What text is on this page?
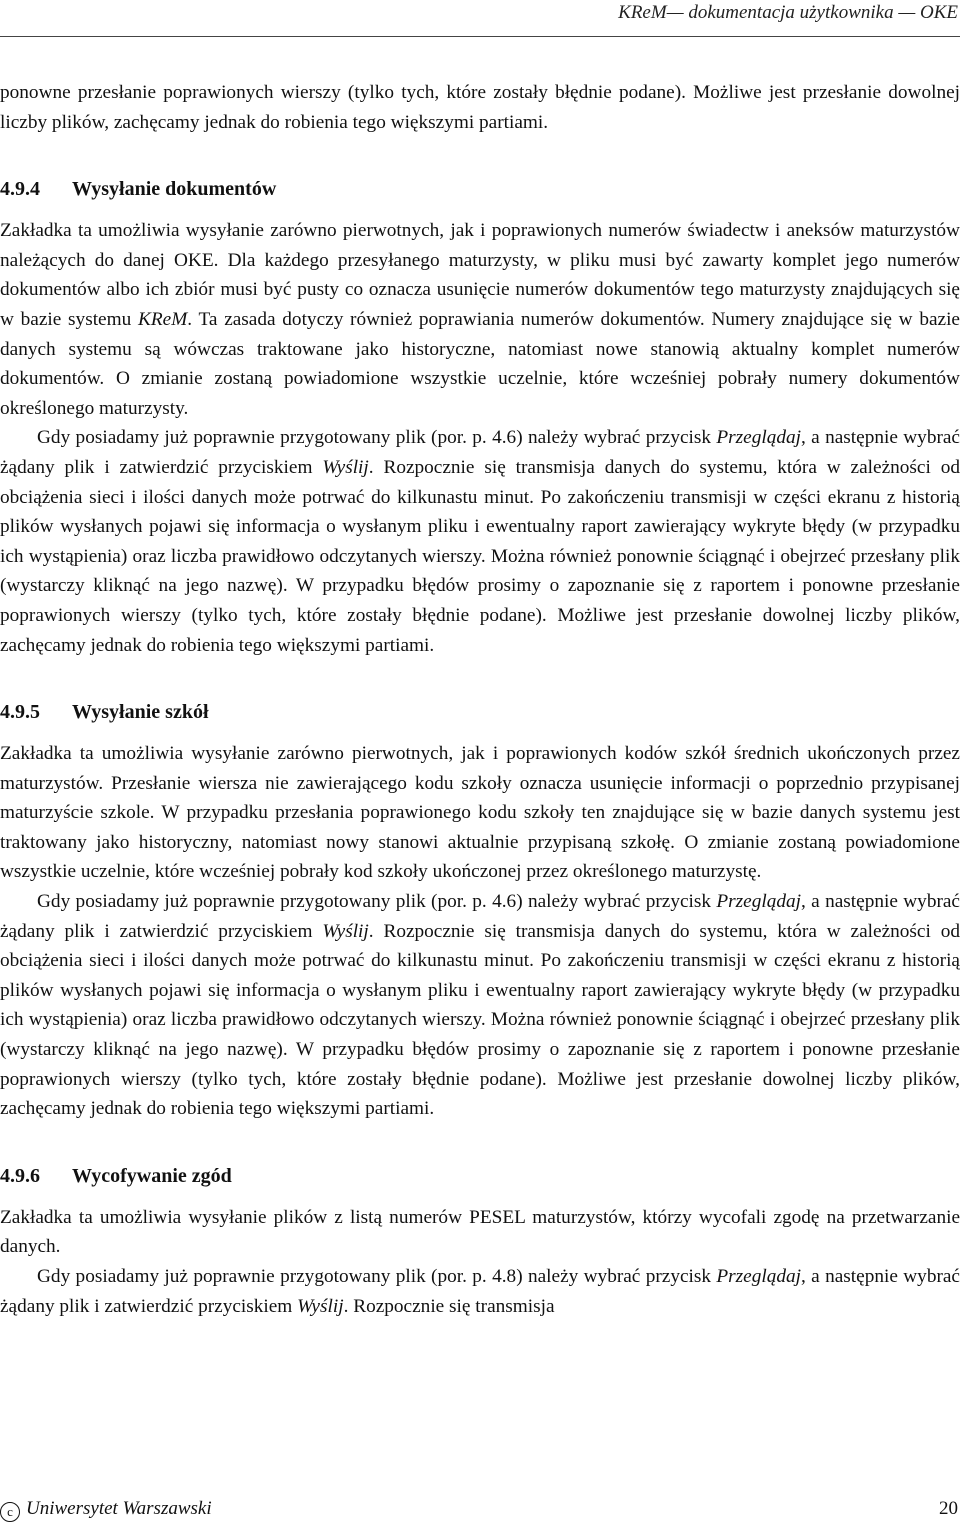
KReM— dokumentacja użytkownika — OKE

ponowne przesłanie poprawionych wierszy (tylko tych, które zostały błędnie podane). Możliwe jest przesłanie dowolnej liczby plików, zachęcamy jednak do robienia tego większymi partiami.

4.9.4 Wysyłanie dokumentów

Zakładka ta umożliwia wysyłanie zarówno pierwotnych, jak i poprawionych numerów świadectw i aneksów maturzystów należących do danej OKE. Dla każdego przesyłanego maturzysty, w pliku musi być zawarty komplet jego numerów dokumentów albo ich zbiór musi być pusty co oznacza usunięcie numerów dokumentów tego maturzysty znajdujących się w bazie systemu KReM. Ta zasada dotyczy również poprawiania numerów dokumentów. Numery znajdujące się w bazie danych systemu są wówczas traktowane jako historyczne, natomiast nowe stanowią aktualny komplet numerów dokumentów. O zmianie zostaną powiadomione wszystkie uczelnie, które wcześniej pobrały numery dokumentów określonego maturzysty.

Gdy posiadamy już poprawnie przygotowany plik (por. p. 4.6) należy wybrać przycisk Przeglądaj, a następnie wybrać żądany plik i zatwierdzić przyciskiem Wyślij. Rozpocznie się transmisja danych do systemu, która w zależności od obciążenia sieci i ilości danych może potrwać do kilkunastu minut. Po zakończeniu transmisji w części ekranu z historią plików wysłanych pojawi się informacja o wysłanym pliku i ewentualny raport zawierający wykryte błędy (w przypadku ich wystąpienia) oraz liczba prawidłowo odczytanych wierszy. Można również ponownie ściągnąć i obejrzeć przesłany plik (wystarczy kliknąć na jego nazwę). W przypadku błędów prosimy o zapoznanie się z raportem i ponowne przesłanie poprawionych wierszy (tylko tych, które zostały błędnie podane). Możliwe jest przesłanie dowolnej liczby plików, zachęcamy jednak do robienia tego większymi partiami.

4.9.5 Wysyłanie szkół

Zakładka ta umożliwia wysyłanie zarówno pierwotnych, jak i poprawionych kodów szkół średnich ukończonych przez maturzystów. Przesłanie wiersza nie zawierającego kodu szkoły oznacza usunięcie informacji o poprzednio przypisanej maturzyście szkole. W przypadku przesłania poprawionego kodu szkoły ten znajdujące się w bazie danych systemu jest traktowany jako historyczny, natomiast nowy stanowi aktualnie przypisaną szkołę. O zmianie zostaną powiadomione wszystkie uczelnie, które wcześniej pobrały kod szkoły ukończonej przez określonego maturzystę.

Gdy posiadamy już poprawnie przygotowany plik (por. p. 4.6) należy wybrać przycisk Przeglądaj, a następnie wybrać żądany plik i zatwierdzić przyciskiem Wyślij. Rozpocznie się transmisja danych do systemu, która w zależności od obciążenia sieci i ilości danych może potrwać do kilkunastu minut. Po zakończeniu transmisji w części ekranu z historią plików wysłanych pojawi się informacja o wysłanym pliku i ewentualny raport zawierający wykryte błędy (w przypadku ich wystąpienia) oraz liczba prawidłowo odczytanych wierszy. Można również ponownie ściągnąć i obejrzeć przesłany plik (wystarczy kliknąć na jego nazwę). W przypadku błędów prosimy o zapoznanie się z raportem i ponowne przesłanie poprawionych wierszy (tylko tych, które zostały błędnie podane). Możliwe jest przesłanie dowolnej liczby plików, zachęcamy jednak do robienia tego większymi partiami.

4.9.6 Wycofywanie zgód

Zakładka ta umożliwia wysyłanie plików z listą numerów PESEL maturzystów, którzy wycofali zgodę na przetwarzanie danych.

Gdy posiadamy już poprawnie przygotowany plik (por. p. 4.8) należy wybrać przycisk Przeglądaj, a następnie wybrać żądany plik i zatwierdzić przyciskiem Wyślij. Rozpocznie się transmisja

c Uniwersytet Warszawski	20
